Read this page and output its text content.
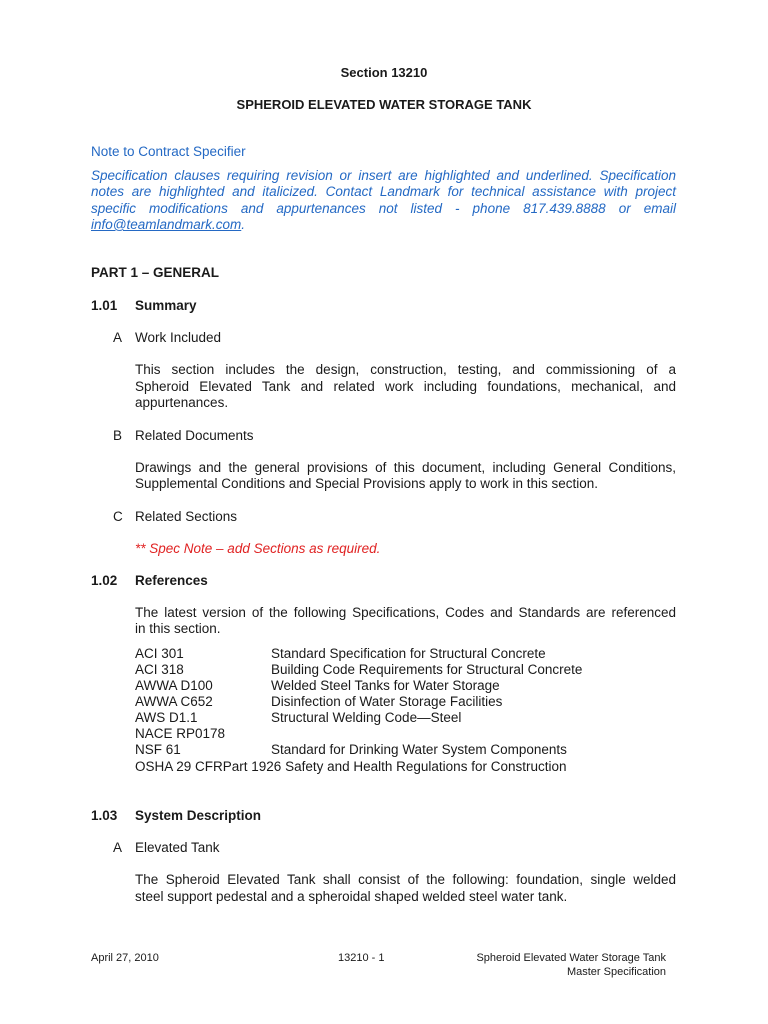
Section 13210
SPHEROID ELEVATED WATER STORAGE TANK
Note to Contract Specifier
Specification clauses requiring revision or insert are highlighted and underlined. Specification
notes are highlighted and italicized. Contact Landmark for technical assistance with project
specific modifications and appurtenances not listed - phone 817.439.8888 or email
info@teamlandmark.com.
PART 1 – GENERAL
1.01 Summary
A Work Included
This section includes the design, construction, testing, and commissioning of a
Spheroid Elevated Tank and related work including foundations, mechanical, and
appurtenances.
B Related Documents
Drawings and the general provisions of this document, including General Conditions,
Supplemental Conditions and Special Provisions apply to work in this section.
C Related Sections
** Spec Note – add Sections as required.
1.02 References
The latest version of the following Specifications, Codes and Standards are referenced
in this section.
ACI 301	Standard Specification for Structural Concrete
ACI 318	Building Code Requirements for Structural Concrete
AWWA D100	Welded Steel Tanks for Water Storage
AWWA C652	Disinfection of Water Storage Facilities
AWS D1.1	Structural Welding Code—Steel
NACE RP0178
NSF 61	Standard for Drinking Water System Components
OSHA 29 CFRPart 1926 Safety and Health Regulations for Construction
1.03 System Description
A Elevated Tank
The Spheroid Elevated Tank shall consist of the following: foundation, single welded
steel support pedestal and a spheroidal shaped welded steel water tank.
April 27, 2010	13210 - 1	Spheroid Elevated Water Storage Tank
Master Specification
